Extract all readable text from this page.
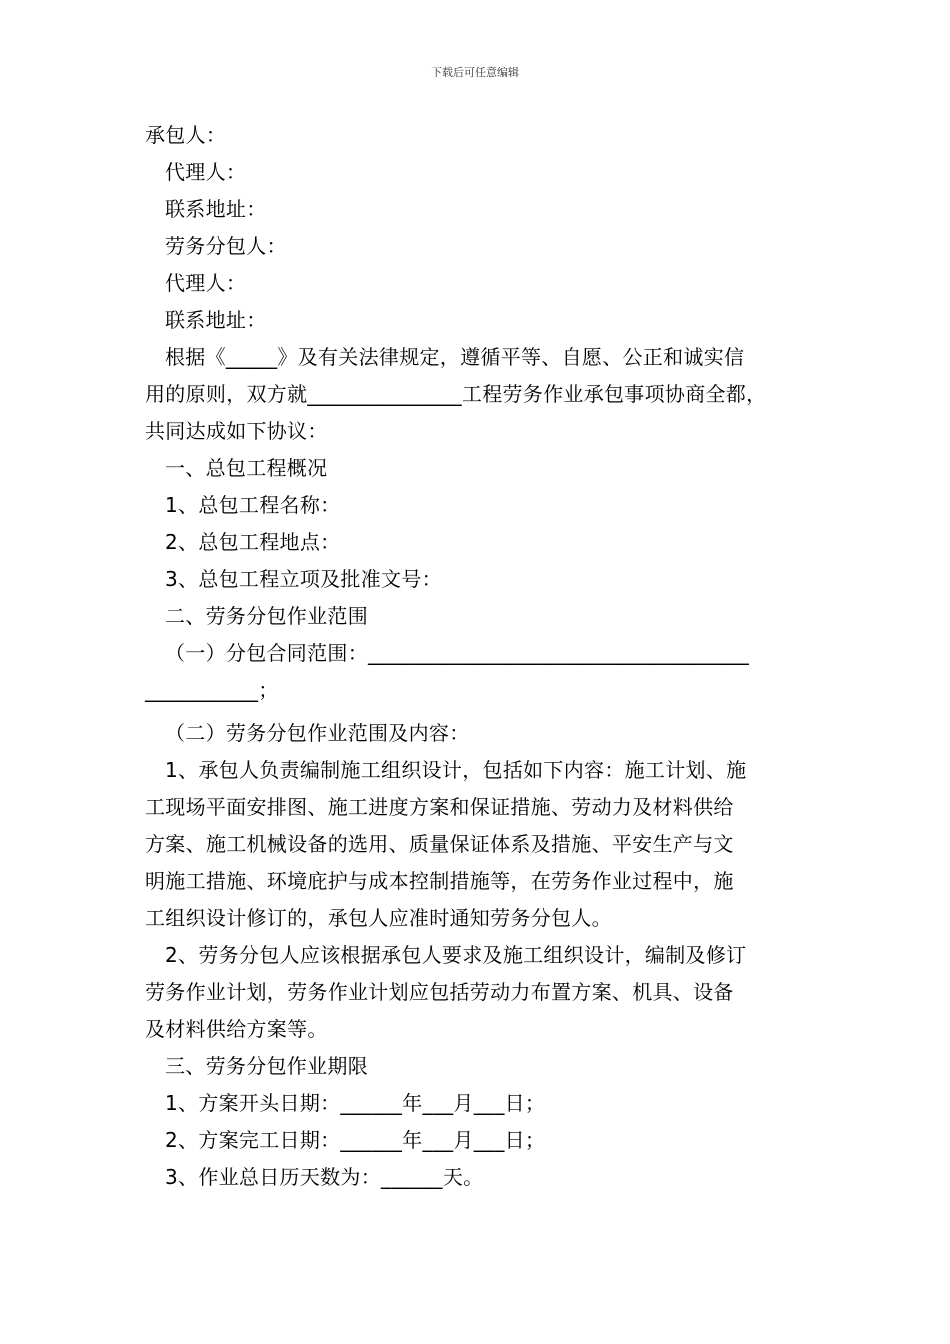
下载后可任意编辑
承包人：
代理人：
联系地址：
劳务分包人：
代理人：
联系地址：
根据《_____》及有关法律规定，遵循平等、自愿、公正和诚实信
用的原则，双方就_______________工程劳务作业承包事项协商全都，
共同达成如下协议：
一、总包工程概况
1、总包工程名称：
2、总包工程地点：
3、总包工程立项及批准文号：
二、劳务分包作业范围
（一）分包合同范围：_____________________________________
___________；
（二）劳务分包作业范围及内容：
1、承包人负责编制施工组织设计，包括如下内容：施工计划、施
工现场平面安排图、施工进度方案和保证措施、劳动力及材料供给
方案、施工机械设备的选用、质量保证体系及措施、平安生产与文
明施工措施、环境庇护与成本控制措施等，在劳务作业过程中，施
工组织设计修订的，承包人应准时通知劳务分包人。
2、劳务分包人应该根据承包人要求及施工组织设计，编制及修订
劳务作业计划，劳务作业计划应包括劳动力布置方案、机具、设备
及材料供给方案等。
三、劳务分包作业期限
1、方案开头日期：______年___月___日；
2、方案完工日期：______年___月___日；
3、作业总日历天数为：______天。
